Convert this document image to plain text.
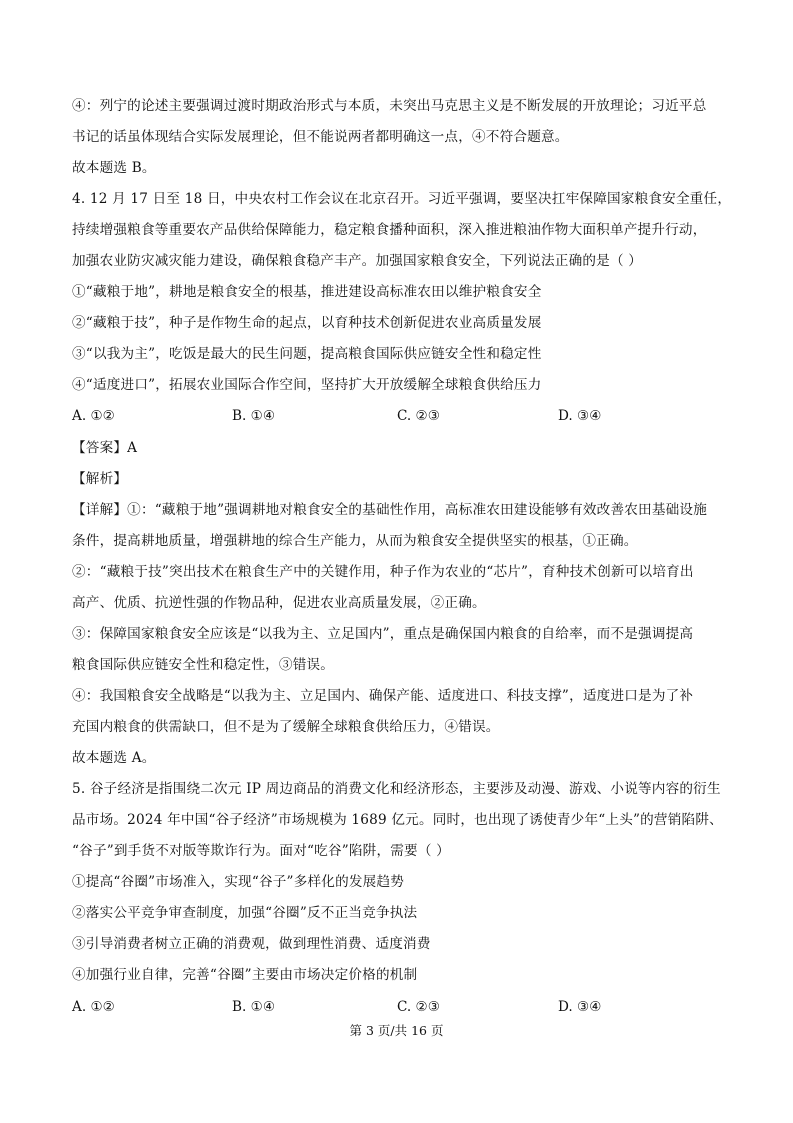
④：列宁的论述主要强调过渡时期政治形式与本质，未突出马克思主义是不断发展的开放理论；习近平总
书记的话虽体现结合实际发展理论，但不能说两者都明确这一点，④不符合题意。
故本题选 B。
4. 12 月 17 日至 18 日，中央农村工作会议在北京召开。习近平强调，要坚决扛牢保障国家粮食安全重任，
持续增强粮食等重要农产品供给保障能力，稳定粮食播种面积，深入推进粮油作物大面积单产提升行动，
加强农业防灾减灾能力建设，确保粮食稳产丰产。加强国家粮食安全，下列说法正确的是（ ）
①“藏粮于地”，耕地是粮食安全的根基，推进建设高标准农田以维护粮食安全
②“藏粮于技”，种子是作物生命的起点，以育种技术创新促进农业高质量发展
③“以我为主”，吃饭是最大的民生问题，提高粮食国际供应链安全性和稳定性
④“适度进口”，拓展农业国际合作空间，坚持扩大开放缓解全球粮食供给压力
【答案】A
【解析】
【详解】①：“藏粮于地”强调耕地对粮食安全的基础性作用，高标准农田建设能够有效改善农田基础设施
条件，提高耕地质量，增强耕地的综合生产能力，从而为粮食安全提供坚实的根基，①正确。
②：“藏粮于技”突出技术在粮食生产中的关键作用，种子作为农业的“芯片”，育种技术创新可以培育出
高产、优质、抗逆性强的作物品种，促进农业高质量发展，②正确。
③：保障国家粮食安全应该是“以我为主、立足国内”，重点是确保国内粮食的自给率，而不是强调提高
粮食国际供应链安全性和稳定性，③错误。
④：我国粮食安全战略是“以我为主、立足国内、确保产能、适度进口、科技支撑”，适度进口是为了补
充国内粮食的供需缺口，但不是为了缓解全球粮食供给压力，④错误。
故本题选 A。
5. 谷子经济是指围绕二次元 IP 周边商品的消费文化和经济形态，主要涉及动漫、游戏、小说等内容的衍生
品市场。2024 年中国“谷子经济”市场规模为 1689 亿元。同时，也出现了诱使青少年“上头”的营销陷阱、
“谷子”到手货不对版等欺诈行为。面对“吃谷”陷阱，需要（ ）
①提高“谷圈”市场准入，实现“谷子”多样化的发展趋势
②落实公平竞争审查制度，加强“谷圈”反不正当竞争执法
③引导消费者树立正确的消费观，做到理性消费、适度消费
④加强行业自律，完善“谷圈”主要由市场决定价格的机制
A. ①②	B. ①④	C. ②③	D. ③④
A. ①②	B. ①④	C. ②③	D. ③④
第 3 页/共 16 页
